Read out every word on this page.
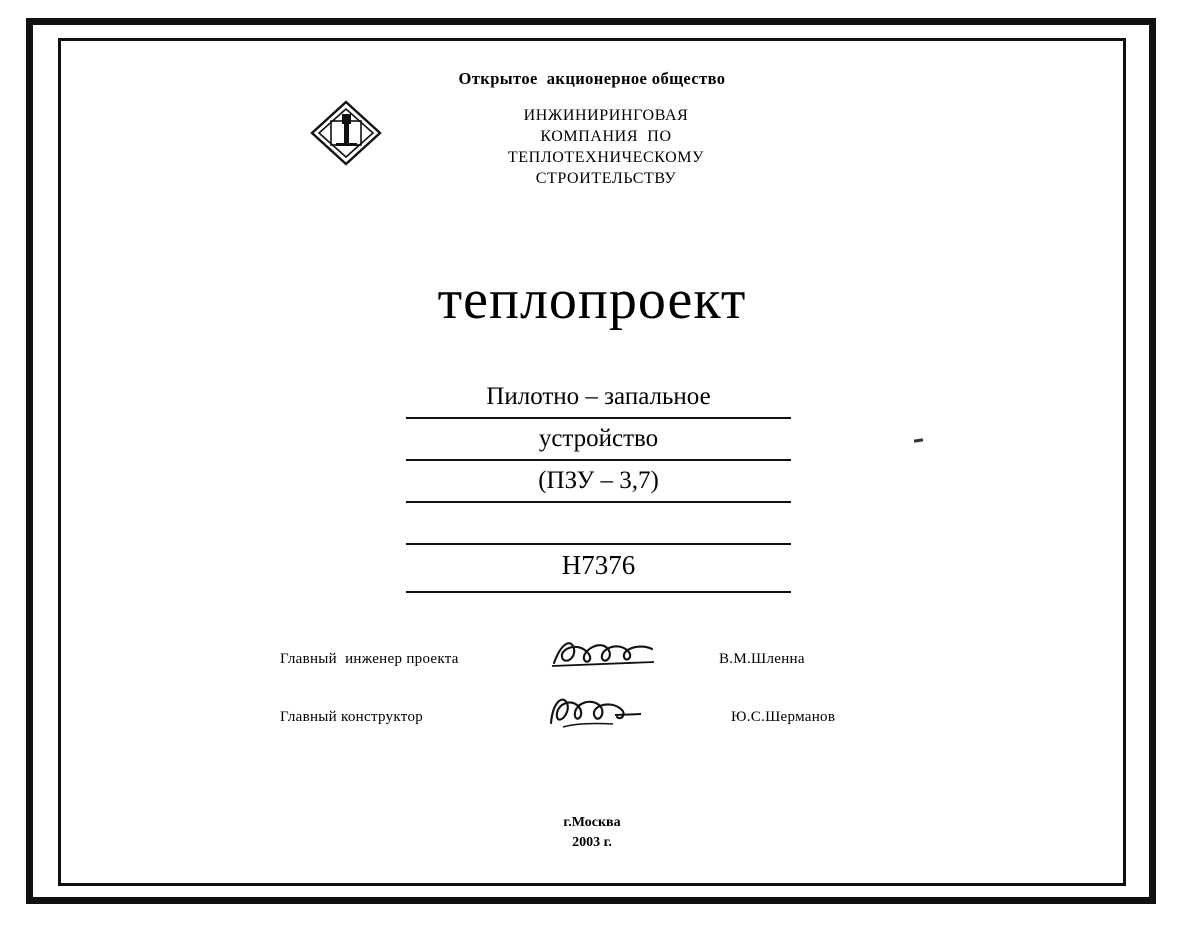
Открытое  акционерное общество
ИНЖИНИРИНГОВАЯ
КОМПАНИЯ  ПО
ТЕПЛОТЕХНИЧЕСКОМУ
СТРОИТЕЛЬСТВУ
теплопроект
Пилотно – запальное
устройство
(ПЗУ – 3,7)
Н7376
Главный  инженер проекта	В.М.Шленна
Главный конструктор	Ю.С.Шерманов
г.Москва
2003 г.
